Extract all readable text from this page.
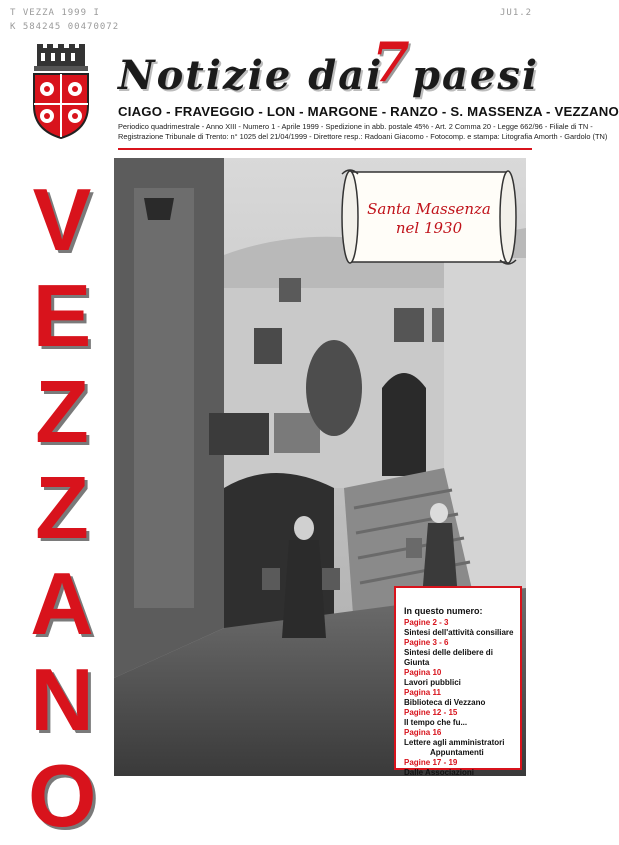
T VEZZA 1999 I
K 584245 00470072
JU1.2
Notizie dai
7 paesi
CIAGO - FRAVEGGIO - LON - MARGONE - RANZO - S. MASSENZA - VEZZANO
Periodico quadrimestrale - Anno XIII - Numero 1 - Aprile 1999 - Spedizione in abb. postale 45% - Art. 2 Comma 20 - Legge 662/96 - Filiale di TN -
Registrazione Tribunale di Trento: n° 1025 del 21/04/1999 - Direttore resp.: Radoani Giacomo - Fotocomp. e stampa: Litografia Amorth - Gardolo (TN)
V
E
Z
Z
A
N
O
Santa Massenza
nel 1930
In questo numero:
Pagine 2 - 3
Sintesi dell'attività consiliare
Pagine 3 - 6
Sintesi delle delibere di Giunta
Pagina 10
Lavori pubblici
Pagina 11
Biblioteca di Vezzano
Pagine 12 - 15
Il tempo che fu...
Pagina 16
Lettere agli amministratori
Appuntamenti
Pagine 17 - 19
Dalle Associazioni
